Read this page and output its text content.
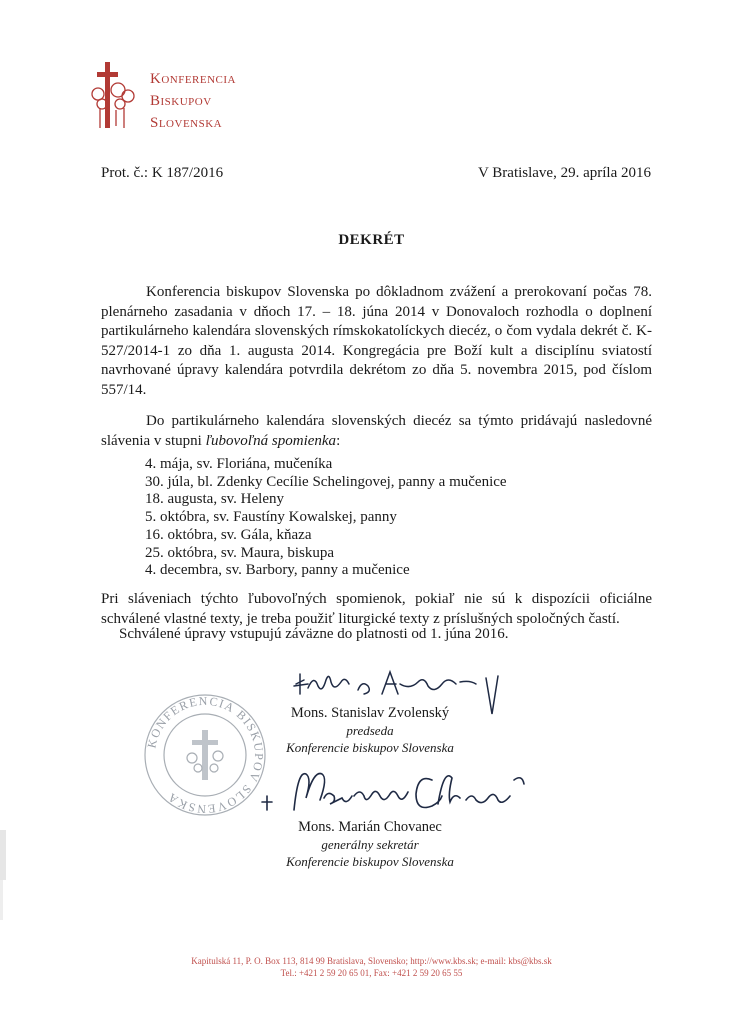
Konferencia
Biskupov
Slovenska
Prot. č.: K 187/2016	V Bratislave, 29. apríla 2016
DEKRÉT
Konferencia biskupov Slovenska po dôkladnom zvážení a prerokovaní počas 78. plenárneho zasadania v dňoch 17. – 18. júna 2014 v Donovaloch rozhodla o doplnení partikulárneho kalendára slovenských rímskokatolíckych diecéz, o čom vydala dekrét č. K-527/2014-1 zo dňa 1. augusta 2014. Kongregácia pre Boží kult a disciplínu sviatostí navrhované úpravy kalendára potvrdila dekrétom zo dňa 5. novembra 2015, pod číslom 557/14.
Do partikulárneho kalendára slovenských diecéz sa týmto pridávajú nasledovné slávenia v stupni ľubovoľná spomienka:
4. mája, sv. Floriána, mučeníka
30. júla, bl. Zdenky Cecílie Schelingovej, panny a mučenice
18. augusta, sv. Heleny
5. októbra, sv. Faustíny Kowalskej, panny
16. októbra, sv. Gála, kňaza
25. októbra, sv. Maura, biskupa
4. decembra, sv. Barbory, panny a mučenice
Pri sláveniach týchto ľubovoľných spomienok, pokiaľ nie sú k dispozícii oficiálne schválené vlastné texty, je treba použiť liturgické texty z príslušných spoločných častí.
Schválené úpravy vstupujú záväzne do platnosti od 1. júna 2016.
KONFERENCIA BISKUPOV SLOVENSKA
Mons. Stanislav Zvolenský
predseda
Konferencie biskupov Slovenska
Mons. Marián Chovanec
generálny sekretár
Konferencie biskupov Slovenska
Kapitulská 11, P. O. Box 113, 814 99 Bratislava, Slovensko; http://www.kbs.sk; e-mail: kbs@kbs.sk
Tel.: +421 2 59 20 65 01, Fax: +421 2 59 20 65 55
